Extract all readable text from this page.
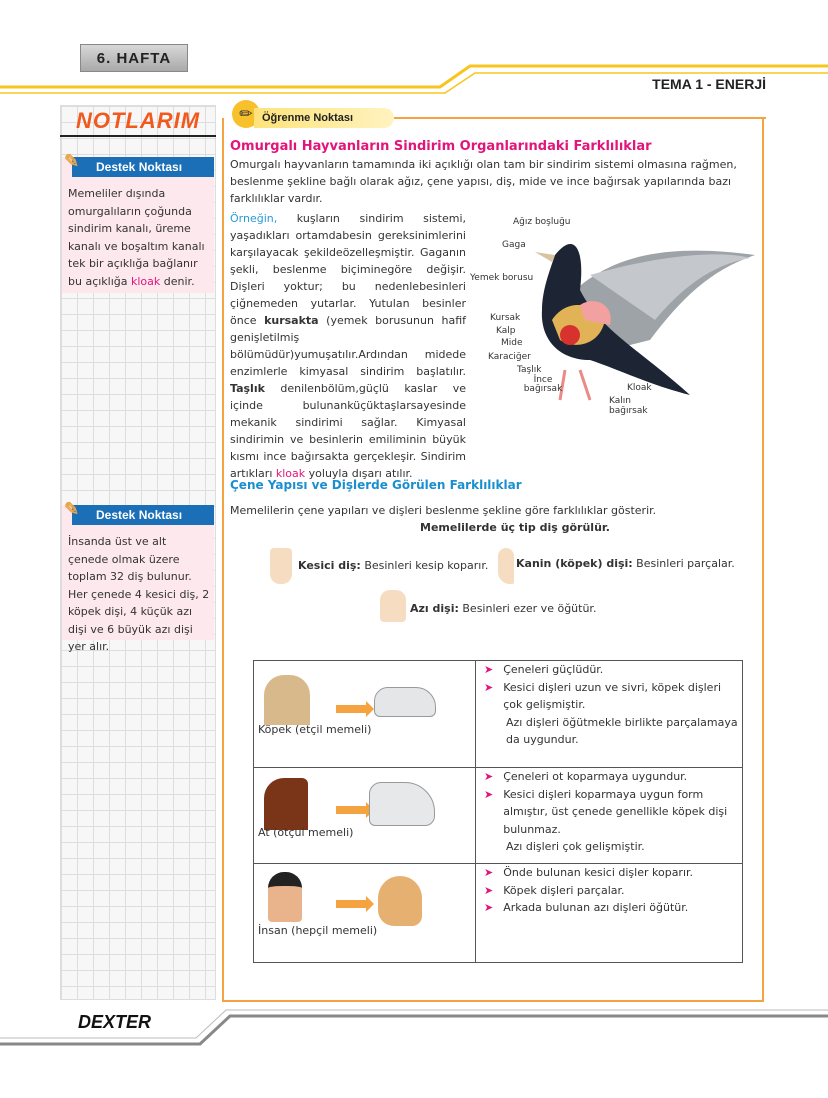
6. HAFTA
TEMA 1 - ENERJİ
NOTLARIM
✎ Destek Noktası
Memeliler dışında omurgalıların çoğunda sindirim kanalı, üreme kanalı ve boşaltım kanalı tek bir açıklığa bağlanır bu açıklığa kloak denir.
✎ Destek Noktası
İnsanda üst ve alt çenede olmak üzere toplam 32 diş bulunur. Her çenede 4 kesici diş, 2 köpek dişi, 4 küçük azı dişi ve 6 büyük azı dişi yer alır.
✏ Öğrenme Noktası
Omurgalı Hayvanların Sindirim Organlarındaki Farklılıklar

Omurgalı hayvanların tamamında iki açıklığı olan tam bir sindirim sistemi olmasına rağmen, beslenme şekline bağlı olarak ağız, çene yapısı, diş, mide ve ince bağırsak yapılarında bazı farklılıklar vardır.

Örneğin, kuşların sindirim sistemi, yaşadıkları ortamdabesin gereksinimlerini karşılayacak şekildeözelleşmiştir. Gaganın şekli, beslenme biçiminegöre değişir. Dişleri yoktur; bu nedenlebesinleri çiğnemeden yutarlar. Yutulan besinler önce kursakta (yemek borusunun hafif genişletilmiş bölümüdür)yumuşatılır.Ardından midede enzimlerle kimyasal sindirim başlatılır. Taşlık denilenbölüm,güçlü kaslar ve içinde bulunanküçüktaşlarsayesinde mekanik sindirimi sağlar. Kimyasal sindirimin ve besinlerin emiliminin büyük kısmı ince bağırsakta gerçekleşir. Sindirim artıkları kloak yoluyla dışarı atılır.

Ağız boşluğu
Gaga
Yemek borusu
Kursak
Kalp
Mide
Karaciğer
Taşlık
İnce bağırsak	Kloak
Kalın bağırsak
Çene Yapısı ve Dişlerde Görülen Farklılıklar

Memelilerin çene yapıları ve dişleri beslenme şekline göre farklılıklar gösterir.

Memelilerde üç tip diş görülür.

Kesici diş: Besinleri kesip koparır.	Kanin (köpek) dişi: Besinleri parçalar.

Azı dişi: Besinleri ezer ve öğütür.

Köpek (etçil memeli)	➤ Çeneleri güçlüdür.
➤ Kesici dişleri uzun ve sivri, köpek dişleri çok gelişmiştir.
Azı dişleri öğütmekle birlikte parçalamaya da uygundur.

At (otçul memeli)	➤ Çeneleri ot koparmaya uygundur.
➤ Kesici dişleri koparmaya uygun form almıştır, üst çenede genellikle köpek dişi bulunmaz.
Azı dişleri çok gelişmiştir.

İnsan (hepçil memeli)	➤ Önde bulunan kesici dişler koparır.
➤ Köpek dişleri parçalar.
➤ Arkada bulunan azı dişleri öğütür.
DEXTER
